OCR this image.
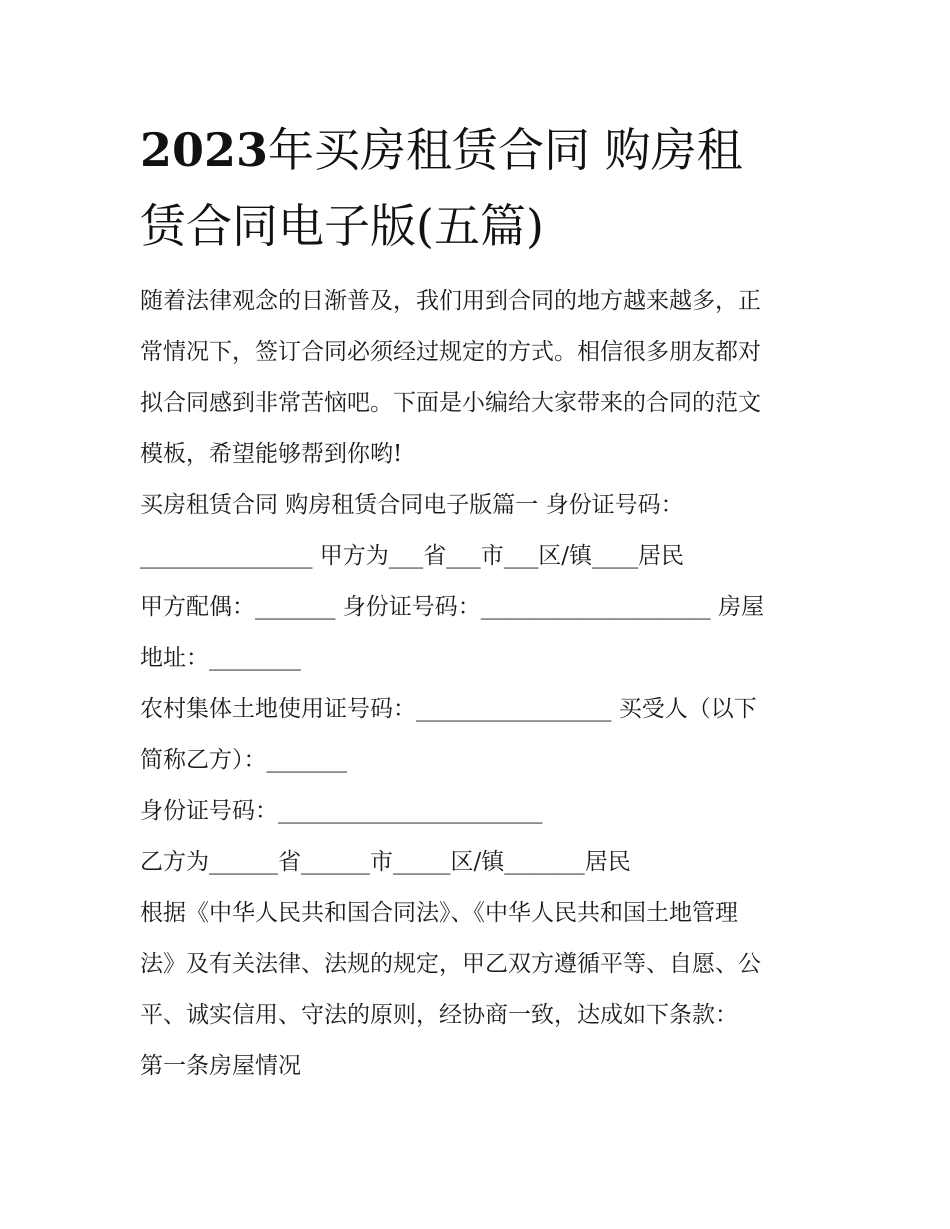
2023年买房租赁合同 购房租
赁合同电子版(五篇)

随着法律观念的日渐普及，我们用到合同的地方越来越多，正

常情况下，签订合同必须经过规定的方式。相信很多朋友都对

拟合同感到非常苦恼吧。下面是小编给大家带来的合同的范文

模板，希望能够帮到你哟!

买房租赁合同 购房租赁合同电子版篇一 身份证号码：

_______________ 甲方为___省___市___区/镇____居民

甲方配偶：_______ 身份证号码：____________________ 房屋

地址：________

农村集体土地使用证号码：_________________ 买受人（以下

简称乙方）：_______

身份证号码：_______________________

乙方为______省______市_____区/镇_______居民

根据《中华人民共和国合同法》、《中华人民共和国土地管理

法》及有关法律、法规的规定，甲乙双方遵循平等、自愿、公

平、诚实信用、守法的原则，经协商一致，达成如下条款：

第一条房屋情况
